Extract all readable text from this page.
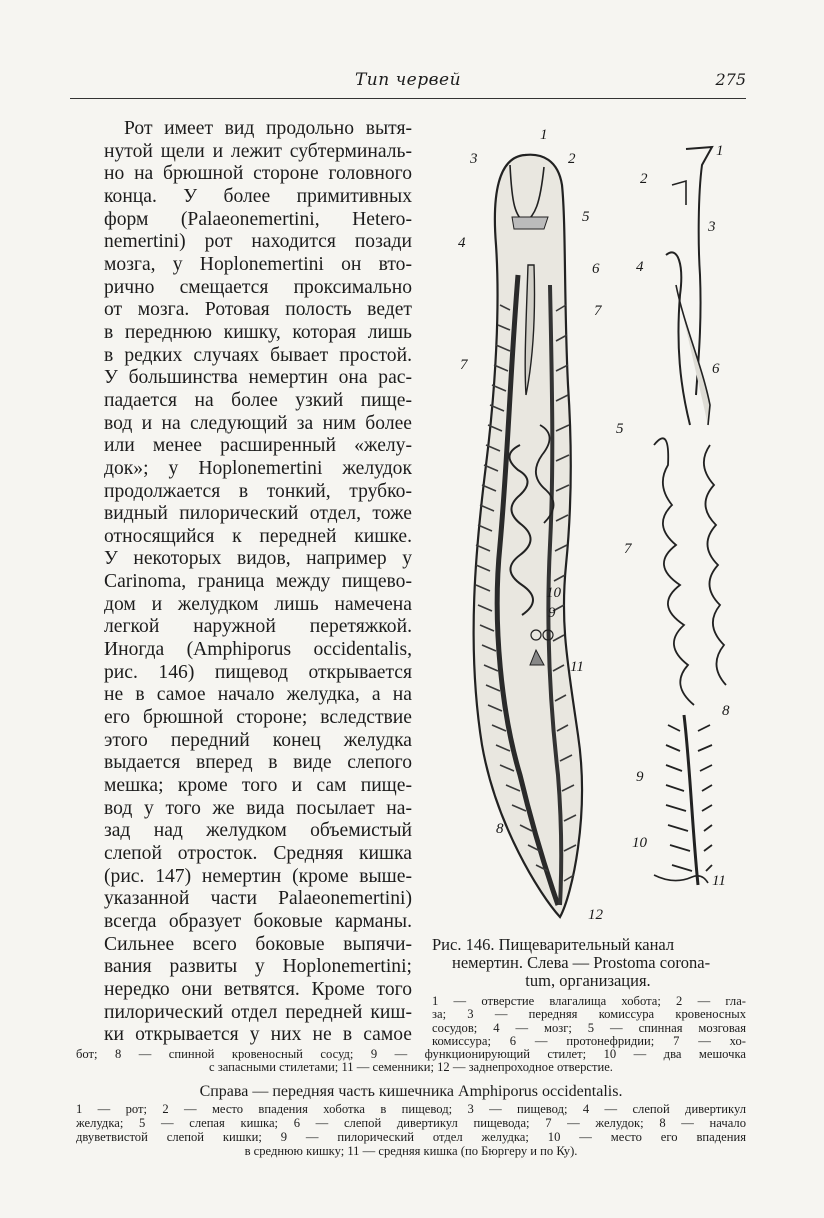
Тип червей	275
Рот имеет вид продольно вытя-
нутой щели и лежит субтерминаль-
но на брюшной стороне головного
конца. У более примитивных
форм (Palaeonemertini, Hetero-
nemertini) рот находится позади
мозга, у Hoplonemertini он вто-
рично смещается проксимально
от мозга. Ротовая полость ведет
в переднюю кишку, которая лишь
в редких случаях бывает простой.
У большинства немертин она рас-
падается на более узкий пище-
вод и на следующий за ним более
или менее расширенный «желу-
док»; у Hoplonemertini желудок
продолжается в тонкий, трубко-
видный пилорический отдел, тоже
относящийся к передней кишке.
У некоторых видов, например у
Carinoma, граница между пищево-
дом и желудком лишь намечена
легкой наружной перетяжкой.
Иногда (Amphiporus occidentalis,
рис. 146) пищевод открывается
не в самое начало желудка, а на
его брюшной стороне; вследствие
этого передний конец желудка
выдается вперед в виде слепого
мешка; кроме того и сам пище-
вод у того же вида посылает на-
зад над желудком объемистый
слепой отросток. Средняя кишка
(рис. 147) немертин (кроме выше-
указанной части Palaeonemertini)
всегда образует боковые карманы.
Сильнее всего боковые выпячи-
вания развиты у Hoplonemertini;
нередко они ветвятся. Кроме того
пилорический отдел передней киш-
ки открывается у них не в самое
1
2
3
4
5
6
7
8
9
10
11
12
7
1
2
3
4
5
6
7
8
9
10
11
Рис. 146. Пищеварительный канал
немертин. Слева — Prostoma corona-
tum, организация.
1 — отверстие влагалища хобота; 2 — гла-
за; 3 — передняя комиссура кровеносных
сосудов; 4 — мозг; 5 — спинная мозговая
комиссура; 6 — протонефридии; 7 — хо-
бот; 8 — спинной кровеносный сосуд; 9 — функционирующий стилет; 10 — два мешочка
с запасными стилетами; 11 — семенники; 12 — заднепроходное отверстие.
Справа — передняя часть кишечника Amphiporus occidentalis.
1 — рот; 2 — место впадения хоботка в пищевод; 3 — пищевод; 4 — слепой дивертикул
желудка; 5 — слепая кишка; 6 — слепой дивертикул пищевода; 7 — желудок; 8 — начало
двуветвистой слепой кишки; 9 — пилорический отдел желудка; 10 — место его впадения
в среднюю кишку; 11 — средняя кишка (по Бюргеру и по Ку).
